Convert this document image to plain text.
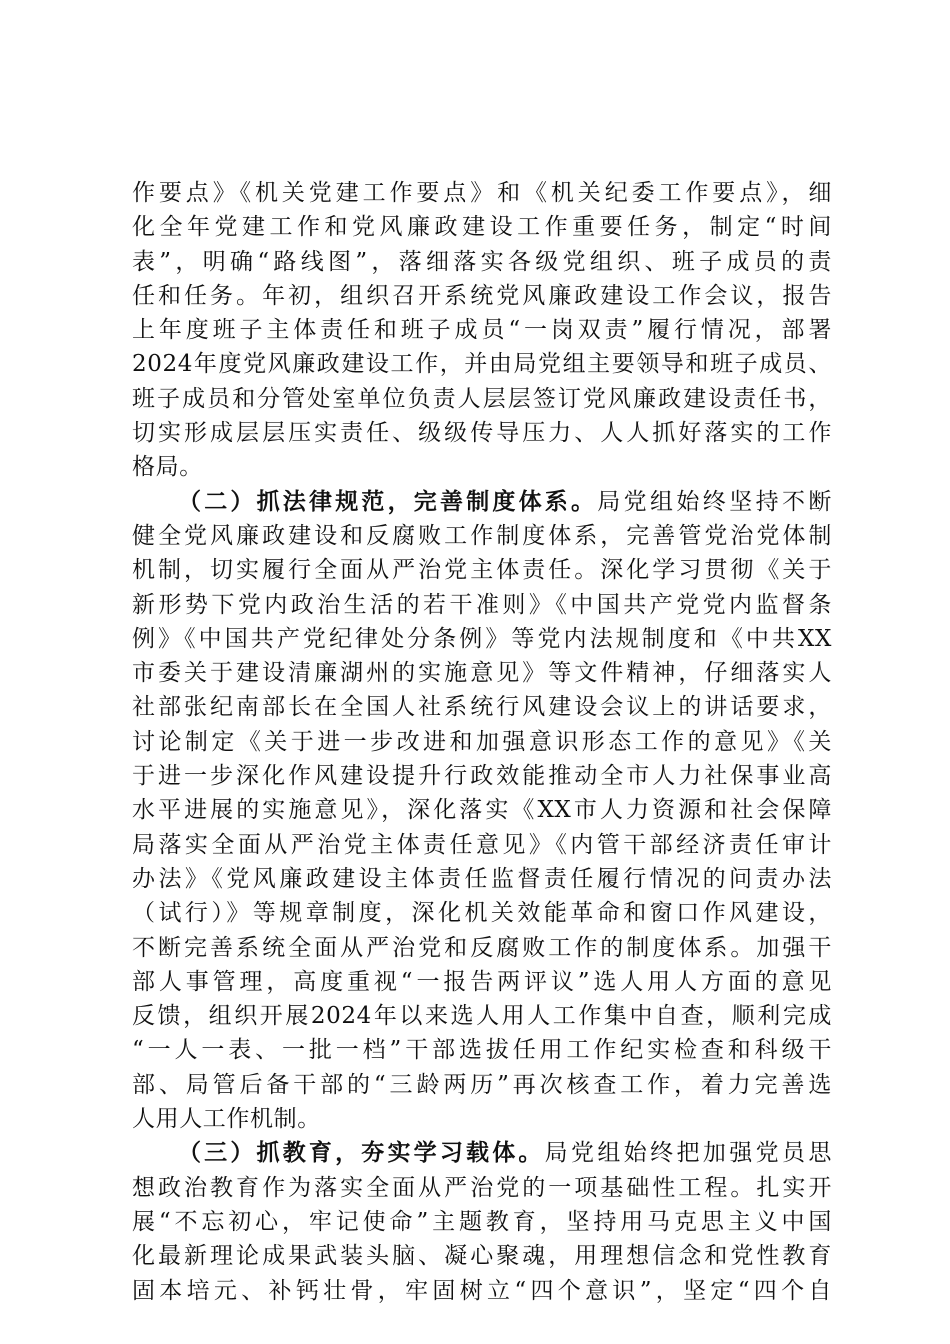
作要点》《机关党建工作要点》和《机关纪委工作要点》，细
化全年党建工作和党风廉政建设工作重要任务，制定“时间
表”，明确“路线图”，落细落实各级党组织、班子成员的责
任和任务。年初，组织召开系统党风廉政建设工作会议，报告
上年度班子主体责任和班子成员“一岗双责”履行情况，部署
2024年度党风廉政建设工作，并由局党组主要领导和班子成员、
班子成员和分管处室单位负责人层层签订党风廉政建设责任书，
切实形成层层压实责任、级级传导压力、人人抓好落实的工作
格局。
（二）抓法律规范，完善制度体系。局党组始终坚持不断
健全党风廉政建设和反腐败工作制度体系，完善管党治党体制
机制，切实履行全面从严治党主体责任。深化学习贯彻《关于
新形势下党内政治生活的若干准则》《中国共产党党内监督条
例》《中国共产党纪律处分条例》等党内法规制度和《中共XX
市委关于建设清廉湖州的实施意见》等文件精神，仔细落实人
社部张纪南部长在全国人社系统行风建设会议上的讲话要求，
讨论制定《关于进一步改进和加强意识形态工作的意见》《关
于进一步深化作风建设提升行政效能推动全市人力社保事业高
水平进展的实施意见》，深化落实《XX市人力资源和社会保障
局落实全面从严治党主体责任意见》《内管干部经济责任审计
办法》《党风廉政建设主体责任监督责任履行情况的问责办法
（试行）》等规章制度，深化机关效能革命和窗口作风建设，
不断完善系统全面从严治党和反腐败工作的制度体系。加强干
部人事管理，高度重视“一报告两评议”选人用人方面的意见
反馈，组织开展2024年以来选人用人工作集中自查，顺利完成
“一人一表、一批一档”干部选拔任用工作纪实检查和科级干
部、局管后备干部的“三龄两历”再次核查工作，着力完善选
人用人工作机制。
（三）抓教育，夯实学习载体。局党组始终把加强党员思
想政治教育作为落实全面从严治党的一项基础性工程。扎实开
展“不忘初心，牢记使命”主题教育，坚持用马克思主义中国
化最新理论成果武装头脑、凝心聚魂，用理想信念和党性教育
固本培元、补钙壮骨，牢固树立“四个意识”，坚定“四个自
